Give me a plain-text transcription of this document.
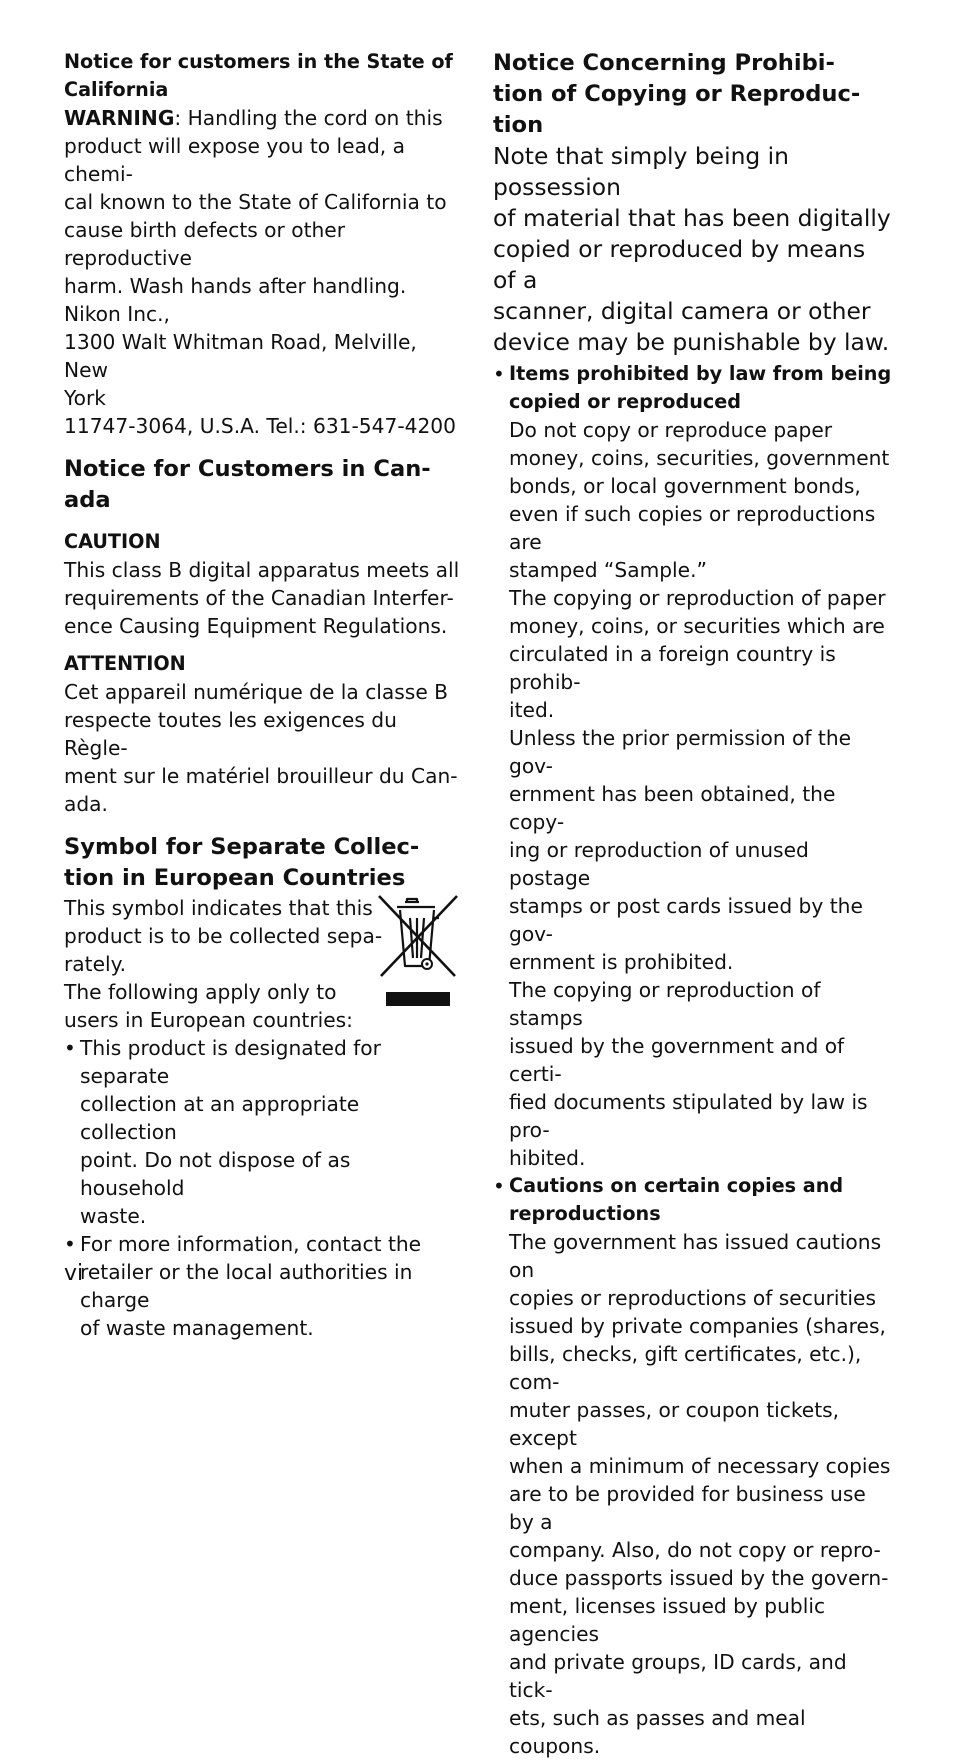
Notice for customers in the State of
California

WARNING: Handling the cord on this
product will expose you to lead, a chemi-
cal known to the State of California to
cause birth defects or other reproductive
harm. Wash hands after handling.
Nikon Inc.,
1300 Walt Whitman Road, Melville, New
York
11747-3064, U.S.A. Tel.: 631-547-4200

Notice for Customers in Can-
ada

CAUTION

This class B digital apparatus meets all
requirements of the Canadian Interfer-
ence Causing Equipment Regulations.

ATTENTION

Cet appareil numérique de la classe B
respecte toutes les exigences du Règle-
ment sur le matériel brouilleur du Can-
ada.

Symbol for Separate Collec-
tion in European Countries

This symbol indicates that this
product is to be collected sepa-
rately.
The following apply only to
users in European countries:

• This product is designated for separate
collection at an appropriate collection
point. Do not dispose of as household
waste.

• For more information, contact the
retailer or the local authorities in charge
of waste management.

Notice Concerning Prohibi-
tion of Copying or Reproduc-
tion

Note that simply being in possession
of material that has been digitally
copied or reproduced by means of a
scanner, digital camera or other
device may be punishable by law.

• Items prohibited by law from being
copied or reproduced

Do not copy or reproduce paper
money, coins, securities, government
bonds, or local government bonds,
even if such copies or reproductions are
stamped “Sample.”
The copying or reproduction of paper
money, coins, or securities which are
circulated in a foreign country is prohib-
ited.
Unless the prior permission of the gov-
ernment has been obtained, the copy-
ing or reproduction of unused postage
stamps or post cards issued by the gov-
ernment is prohibited.
The copying or reproduction of stamps
issued by the government and of certi-
fied documents stipulated by law is pro-
hibited.

• Cautions on certain copies and
reproductions

The government has issued cautions on
copies or reproductions of securities
issued by private companies (shares,
bills, checks, gift certificates, etc.), com-
muter passes, or coupon tickets, except
when a minimum of necessary copies
are to be provided for business use by a
company. Also, do not copy or repro-
duce passports issued by the govern-
ment, licenses issued by public agencies
and private groups, ID cards, and tick-
ets, such as passes and meal coupons.

vi
